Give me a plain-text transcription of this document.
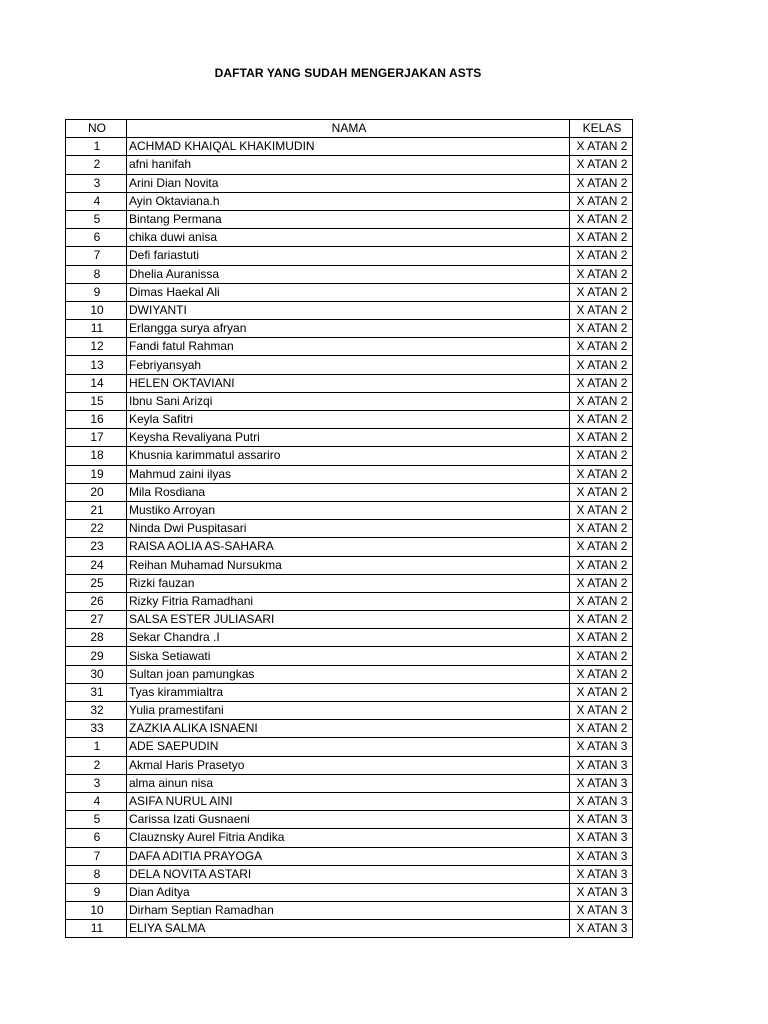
DAFTAR YANG SUDAH MENGERJAKAN ASTS
NO	NAMA	KELAS
1	ACHMAD KHAIQAL KHAKIMUDIN	X ATAN 2
2	afni hanifah	X ATAN 2
3	Arini Dian Novita	X ATAN 2
4	Ayin Oktaviana.h	X ATAN 2
5	Bintang Permana	X ATAN 2
6	chika duwi anisa	X ATAN 2
7	Defi fariastuti	X ATAN 2
8	Dhelia Auranissa	X ATAN 2
9	Dimas Haekal Ali	X ATAN 2
10	DWIYANTI	X ATAN 2
11	Erlangga surya afryan	X ATAN 2
12	Fandi fatul Rahman	X ATAN 2
13	Febriyansyah	X ATAN 2
14	HELEN OKTAVIANI	X ATAN 2
15	Ibnu Sani Arizqi	X ATAN 2
16	Keyla Safitri	X ATAN 2
17	Keysha Revaliyana Putri	X ATAN 2
18	Khusnia karimmatul assariro	X ATAN 2
19	Mahmud zaini ilyas	X ATAN 2
20	Mila Rosdiana	X ATAN 2
21	Mustiko Arroyan	X ATAN 2
22	Ninda Dwi Puspitasari	X ATAN 2
23	RAISA AOLIA AS-SAHARA	X ATAN 2
24	Reihan Muhamad Nursukma	X ATAN 2
25	Rizki fauzan	X ATAN 2
26	Rizky Fitria Ramadhani	X ATAN 2
27	SALSA ESTER JULIASARI	X ATAN 2
28	Sekar Chandra .I	X ATAN 2
29	Siska Setiawati	X ATAN 2
30	Sultan joan pamungkas	X ATAN 2
31	Tyas kirammialtra	X ATAN 2
32	Yulia pramestifani	X ATAN 2
33	ZAZKIA ALIKA ISNAENI	X ATAN 2
1	ADE SAEPUDIN	X ATAN 3
2	Akmal Haris Prasetyo	X ATAN 3
3	alma ainun nisa	X ATAN 3
4	ASIFA NURUL AINI	X ATAN 3
5	Carissa Izati Gusnaeni	X ATAN 3
6	Clauznsky Aurel Fitria Andika	X ATAN 3
7	DAFA ADITIA PRAYOGA	X ATAN 3
8	DELA NOVITA ASTARI	X ATAN 3
9	Dian Aditya	X ATAN 3
10	Dirham Septian Ramadhan	X ATAN 3
11	ELIYA SALMA	X ATAN 3
